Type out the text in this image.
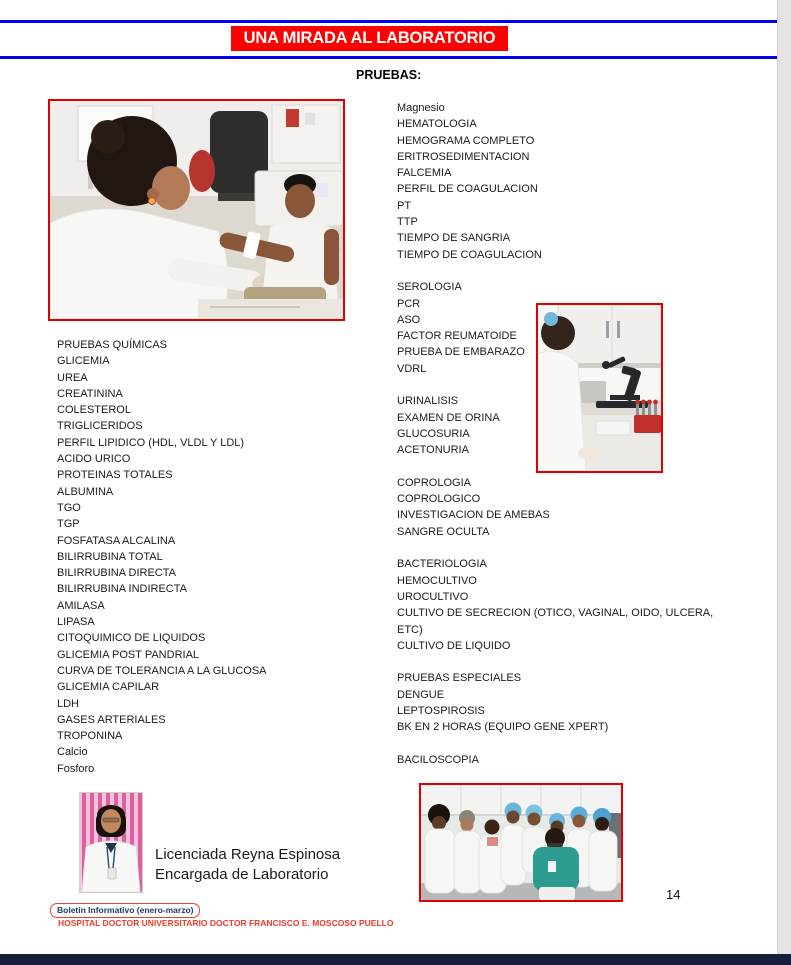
UNA MIRADA AL LABORATORIO
PRUEBAS:
PRUEBAS QUÍMICAS
GLICEMIA
UREA
CREATININA
COLESTEROL
TRIGLICERIDOS
PERFIL LIPIDICO (HDL, VLDL Y LDL)
ACIDO URICO
PROTEINAS TOTALES
ALBUMINA
TGO
TGP
FOSFATASA ALCALINA
BILIRRUBINA TOTAL
BILIRRUBINA DIRECTA
BILIRRUBINA INDIRECTA
AMILASA
LIPASA
CITOQUIMICO DE LIQUIDOS
GLICEMIA POST PANDRIAL
CURVA DE TOLERANCIA A LA GLUCOSA
GLICEMIA CAPILAR
LDH
GASES ARTERIALES
TROPONINA
Calcio
Fosforo
Magnesio
HEMATOLOGIA
HEMOGRAMA COMPLETO
ERITROSEDIMENTACION
FALCEMIA
PERFIL DE COAGULACION
PT
TTP
TIEMPO DE SANGRIA
TIEMPO DE COAGULACION
SEROLOGIA
PCR
ASO
FACTOR REUMATOIDE
PRUEBA DE EMBARAZO
VDRL
URINALISIS
EXAMEN DE ORINA
GLUCOSURIA
ACETONURIA
COPROLOGIA
COPROLOGICO
INVESTIGACION DE AMEBAS
SANGRE OCULTA
BACTERIOLOGIA
HEMOCULTIVO
UROCULTIVO
CULTIVO DE SECRECION (OTICO, VAGINAL, OIDO, ULCERA, ETC)
CULTIVO DE LIQUIDO
PRUEBAS ESPECIALES
DENGUE
LEPTOSPIROSIS
BK EN 2 HORAS (EQUIPO GENE XPERT)
BACILOSCOPIA
Licenciada Reyna Espinosa
Encargada de Laboratorio
14
Boletín Informativo (enero-marzo)
HOSPITAL DOCTOR UNIVERSITARIO DOCTOR FRANCISCO E. MOSCOSO PUELLO
